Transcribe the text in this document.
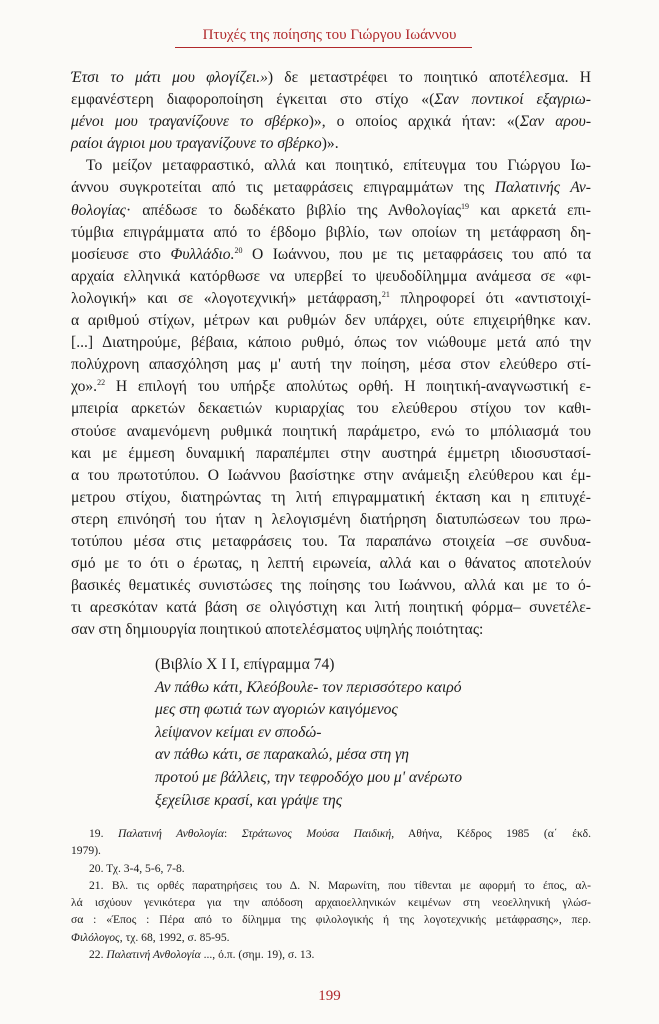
Πτυχές της ποίησης του Γιώργου Ιωάννου

Έτσι το μάτι μου φλογίζει.») δε μεταστρέφει το ποιητικό αποτέλεσμα. Η
εμφανέστερη διαφοροποίηση έγκειται στο στίχο «(Σαν ποντικοί εξαγριω-
μένοι μου τραγανίζουνε το σβέρκο)», ο οποίος αρχικά ήταν: «(Σαν αρου-
ραίοι άγριοι μου τραγανίζουνε το σβέρκο)».

Το μείζον μεταφραστικό, αλλά και ποιητικό, επίτευγμα του Γιώργου Ιω-
άννου συγκροτείται από τις μεταφράσεις επιγραμμάτων της Παλατινής Αν-
θολογίας· απέδωσε το δωδέκατο βιβλίο της Ανθολογίας$^{19}$ και αρκετά επι-
τύμβια επιγράμματα από το έβδομο βιβλίο, των οποίων τη μετάφραση δη-
μοσίευσε στο Φυλλάδιο.$^{20}$ Ο Ιωάννου, που με τις μεταφράσεις του από τα
αρχαία ελληνικά κατόρθωσε να υπερβεί το ψευδοδίλημμα ανάμεσα σε «φι-
λολογική» και σε «λογοτεχνική» μετάφραση,$^{21}$ πληροφορεί ότι «αντιστοιχί-
α αριθμού στίχων, μέτρων και ρυθμών δεν υπάρχει, ούτε επιχειρήθηκε καν.
[...] Διατηρούμε, βέβαια, κάποιο ρυθμό, όπως τον νιώθουμε μετά από την
πολύχρονη απασχόληση μας μ' αυτή την ποίηση, μέσα στον ελεύθερο στί-
χο».$^{22}$ Η επιλογή του υπήρξε απολύτως ορθή. Η ποιητική-αναγνωστική ε-
μπειρία αρκετών δεκαετιών κυριαρχίας του ελεύθερου στίχου τον καθι-
στούσε αναμενόμενη ρυθμικά ποιητική παράμετρο, ενώ το μπόλιασμά του
και με έμμεση δυναμική παραπέμπει στην αυστηρά έμμετρη ιδιοσυστασί-
α του πρωτοτύπου. Ο Ιωάννου βασίστηκε στην ανάμειξη ελεύθερου και έμ-
μετρου στίχου, διατηρώντας τη λιτή επιγραμματική έκταση και η επιτυχέ-
στερη επινόησή του ήταν η λελογισμένη διατήρηση διατυπώσεων του πρω-
τοτύπου μέσα στις μεταφράσεις του. Τα παραπάνω στοιχεία –σε συνδυα-
σμό με το ότι ο έρωτας, η λεπτή ειρωνεία, αλλά και ο θάνατος αποτελούν
βασικές θεματικές συνιστώσες της ποίησης του Ιωάννου, αλλά και με το ό-
τι αρεσκόταν κατά βάση σε ολιγόστιχη και λιτή ποιητική φόρμα– συνετέλε-
σαν στη δημιουργία ποιητικού αποτελέσματος υψηλής ποιότητας:

(Βιβλίο X I I, επίγραμμα 74)
Αν πάθω κάτι, Κλεόβουλε- τον περισσότερο καιρό
μες στη φωτιά των αγοριών καιγόμενος
λείψανον κείμαι εν σποδώ-
αν πάθω κάτι, σε παρακαλώ, μέσα στη γη
προτού με βάλλεις, την τεφροδόχο μου μ' ανέρωτο
ξεχείλισε κρασί, και γράψε της
19. Παλατινή Ανθολογία: Στράτωνος Μούσα Παιδική, Αθήνα, Κέδρος 1985 (α΄ έκδ.
1979).
20. Τχ. 3-4, 5-6, 7-8.
21. Βλ. τις ορθές παρατηρήσεις του Δ. Ν. Μαρωνίτη, που τίθενται με αφορμή το έπος, αλ-
λά ισχύουν γενικότερα για την απόδοση αρχαιοελληνικών κειμένων στη νεοελληνική γλώσ-
σα : «Έπος : Πέρα από το δίλημμα της φιλολογικής ή της λογοτεχνικής μετάφρασης», περ.
Φιλόλογος, τχ. 68, 1992, σ. 85-95.
22. Παλατινή Ανθολογία ..., ό.π. (σημ. 19), σ. 13.
199
